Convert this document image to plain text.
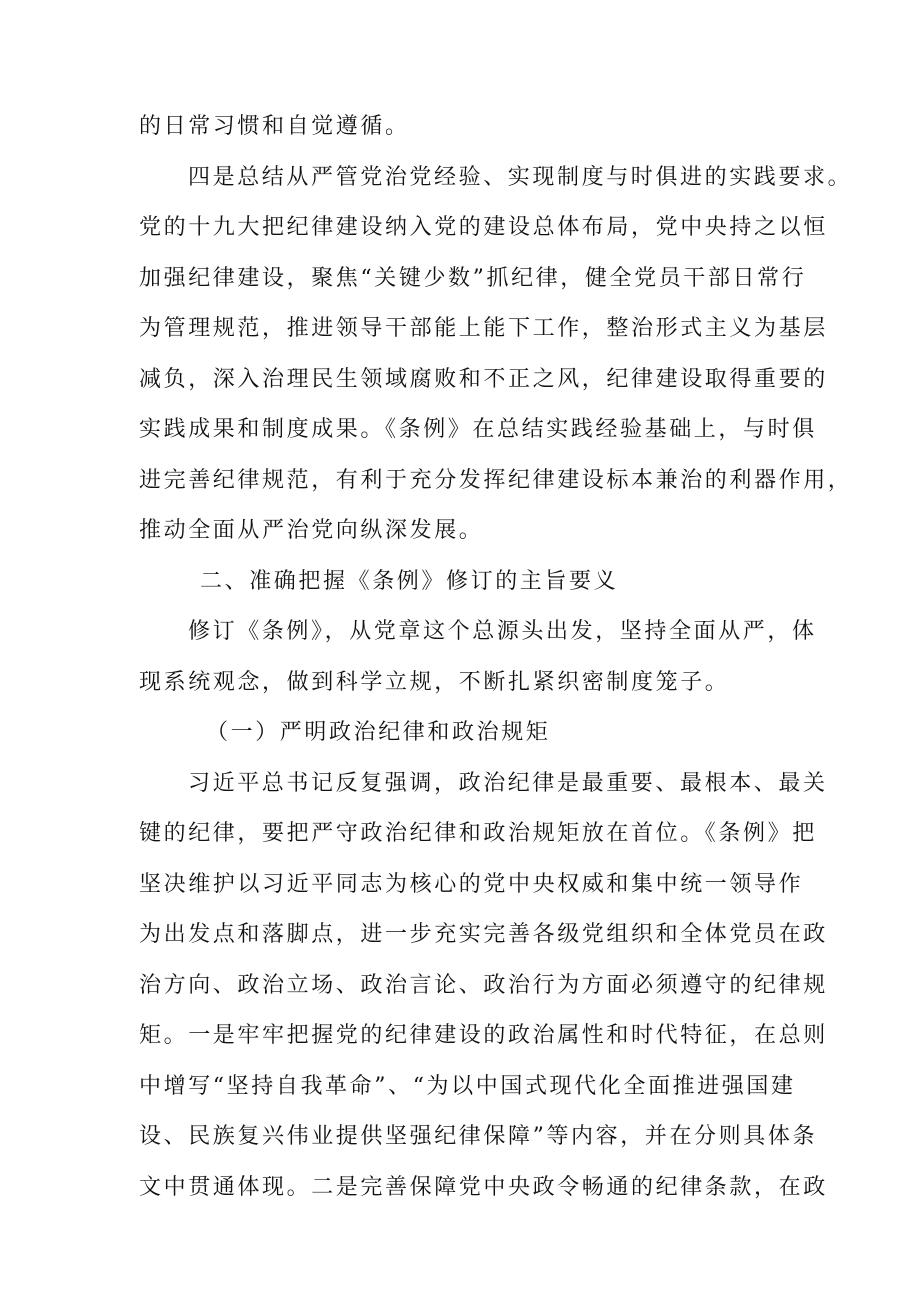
的日常习惯和自觉遵循。
四是总结从严管党治党经验、实现制度与时俱进的实践要求。
党的十九大把纪律建设纳入党的建设总体布局，党中央持之以恒
加强纪律建设，聚焦“关键少数”抓纪律，健全党员干部日常行
为管理规范，推进领导干部能上能下工作，整治形式主义为基层
减负，深入治理民生领域腐败和不正之风，纪律建设取得重要的
实践成果和制度成果。《条例》在总结实践经验基础上，与时俱
进完善纪律规范，有利于充分发挥纪律建设标本兼治的利器作用，
推动全面从严治党向纵深发展。
二、准确把握《条例》修订的主旨要义
修订《条例》，从党章这个总源头出发，坚持全面从严，体
现系统观念，做到科学立规，不断扎紧织密制度笼子。
（一）严明政治纪律和政治规矩
习近平总书记反复强调，政治纪律是最重要、最根本、最关
键的纪律，要把严守政治纪律和政治规矩放在首位。《条例》把
坚决维护以习近平同志为核心的党中央权威和集中统一领导作
为出发点和落脚点，进一步充实完善各级党组织和全体党员在政
治方向、政治立场、政治言论、政治行为方面必须遵守的纪律规
矩。一是牢牢把握党的纪律建设的政治属性和时代特征，在总则
中增写“坚持自我革命”、“为以中国式现代化全面推进强国建
设、民族复兴伟业提供坚强纪律保障”等内容，并在分则具体条
文中贯通体现。二是完善保障党中央政令畅通的纪律条款，在政
